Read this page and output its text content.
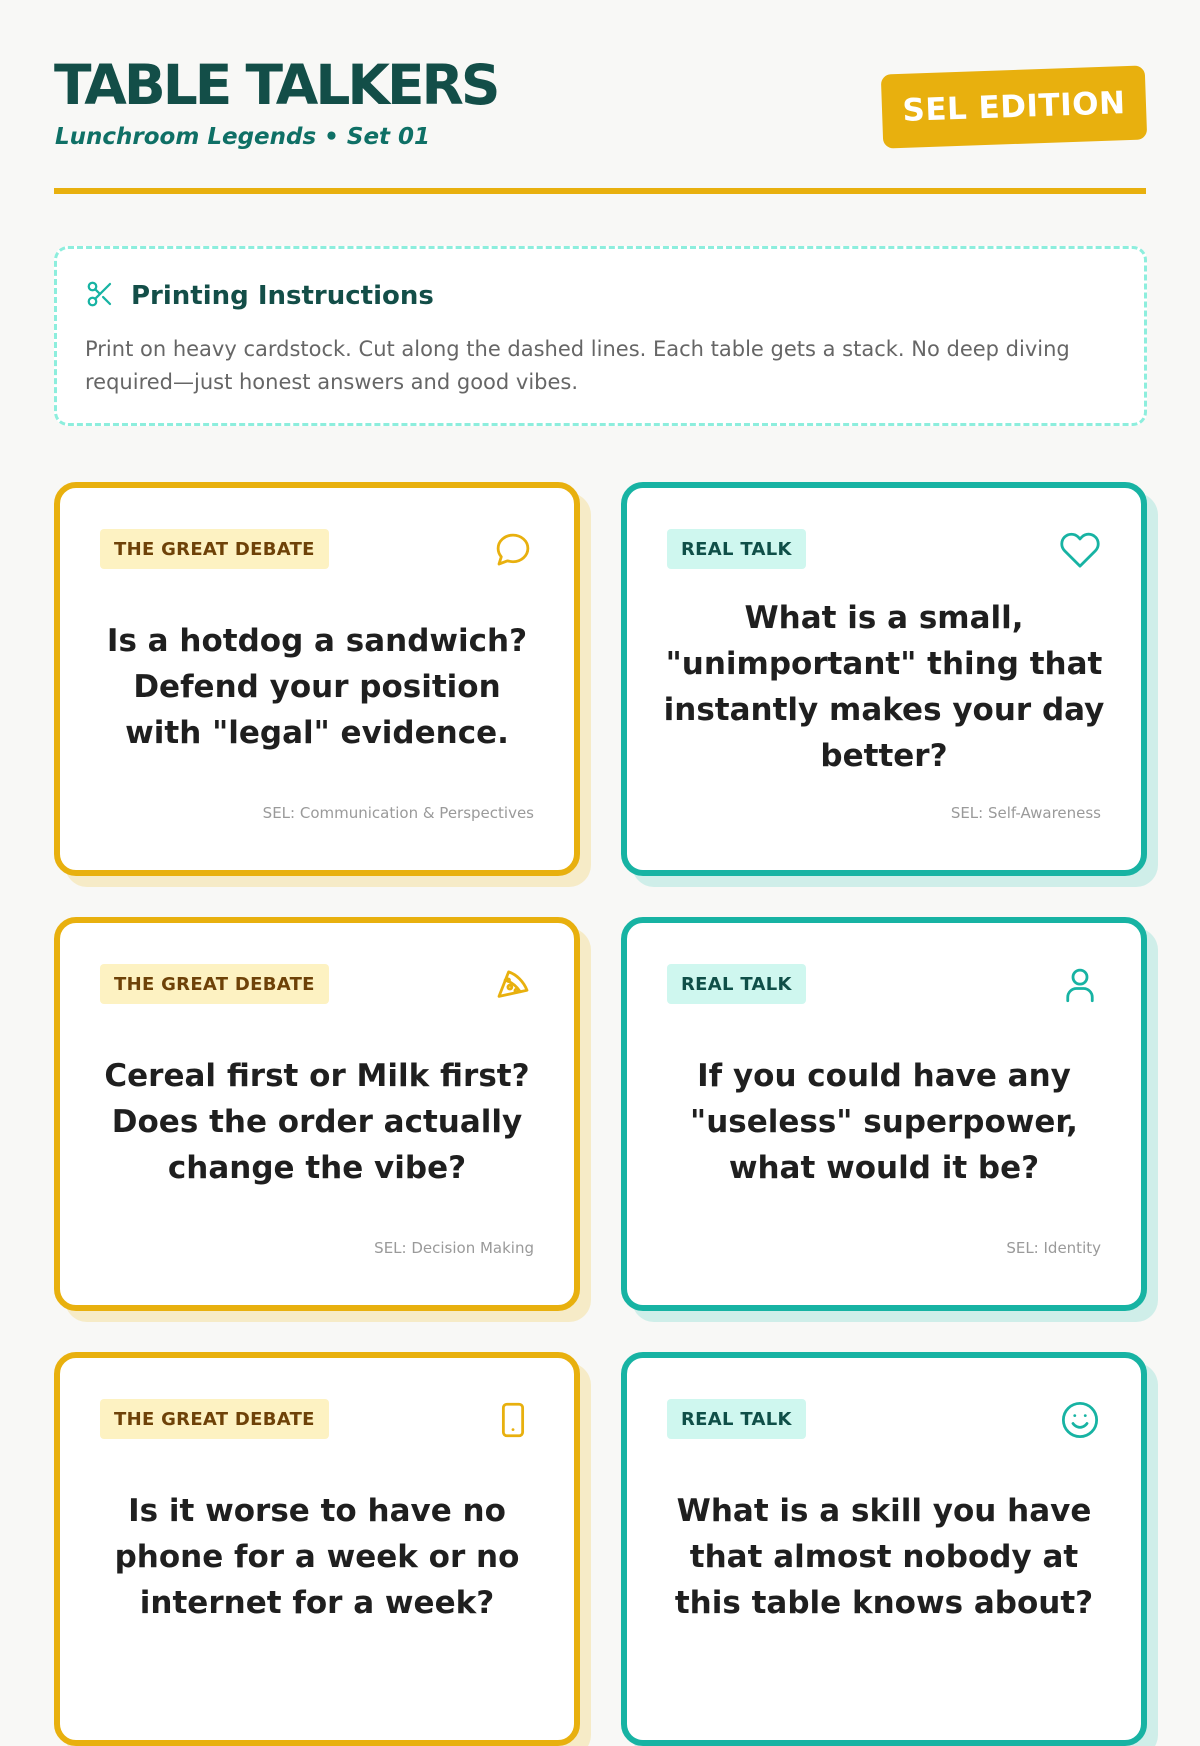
TABLE TALKERS
Lunchroom Legends • Set 01
SEL EDITION
Printing Instructions
Print on heavy cardstock. Cut along the dashed lines. Each table gets a stack. No deep diving required—just honest answers and good vibes.
THE GREAT DEBATE
Is a hotdog a sandwich? Defend your position with "legal" evidence.
SEL: Communication & Perspectives
REAL TALK
What is a small, "unimportant" thing that instantly makes your day better?
SEL: Self-Awareness
THE GREAT DEBATE
Cereal first or Milk first? Does the order actually change the vibe?
SEL: Decision Making
REAL TALK
If you could have any "useless" superpower, what would it be?
SEL: Identity
THE GREAT DEBATE
Is it worse to have no phone for a week or no internet for a week?
REAL TALK
What is a skill you have that almost nobody at this table knows about?
